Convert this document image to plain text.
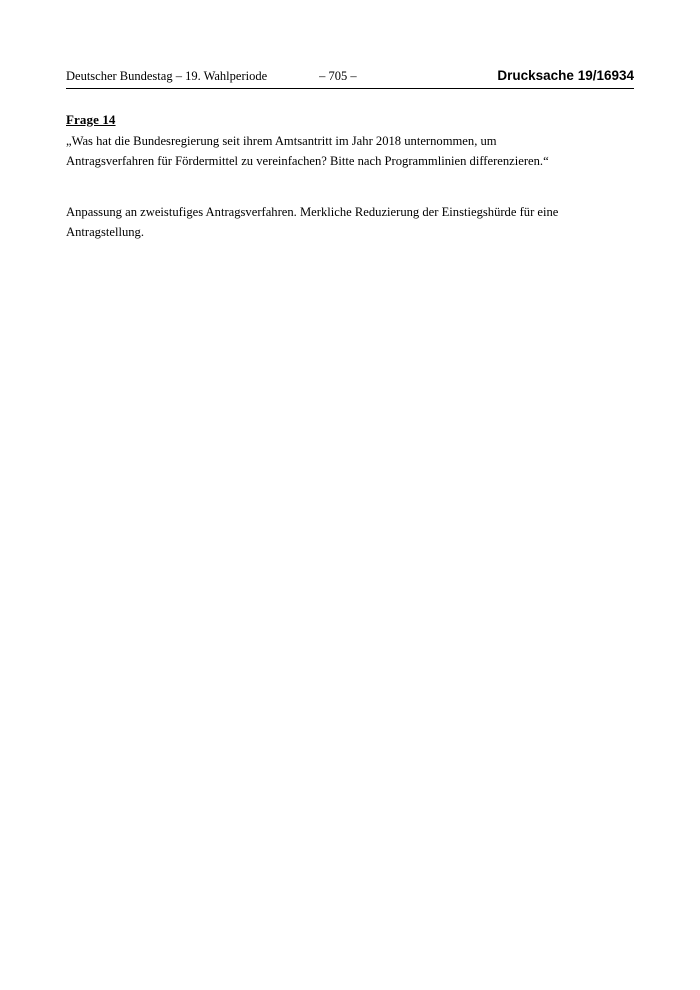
Deutscher Bundestag – 19. Wahlperiode	– 705 –	Drucksache 19/16934
Frage 14

„Was hat die Bundesregierung seit ihrem Amtsantritt im Jahr 2018 unternommen, um Antragsverfahren für Fördermittel zu vereinfachen? Bitte nach Programmlinien differenzieren.“

Anpassung an zweistufiges Antragsverfahren. Merkliche Reduzierung der Einstiegshürde für eine Antragstellung.
